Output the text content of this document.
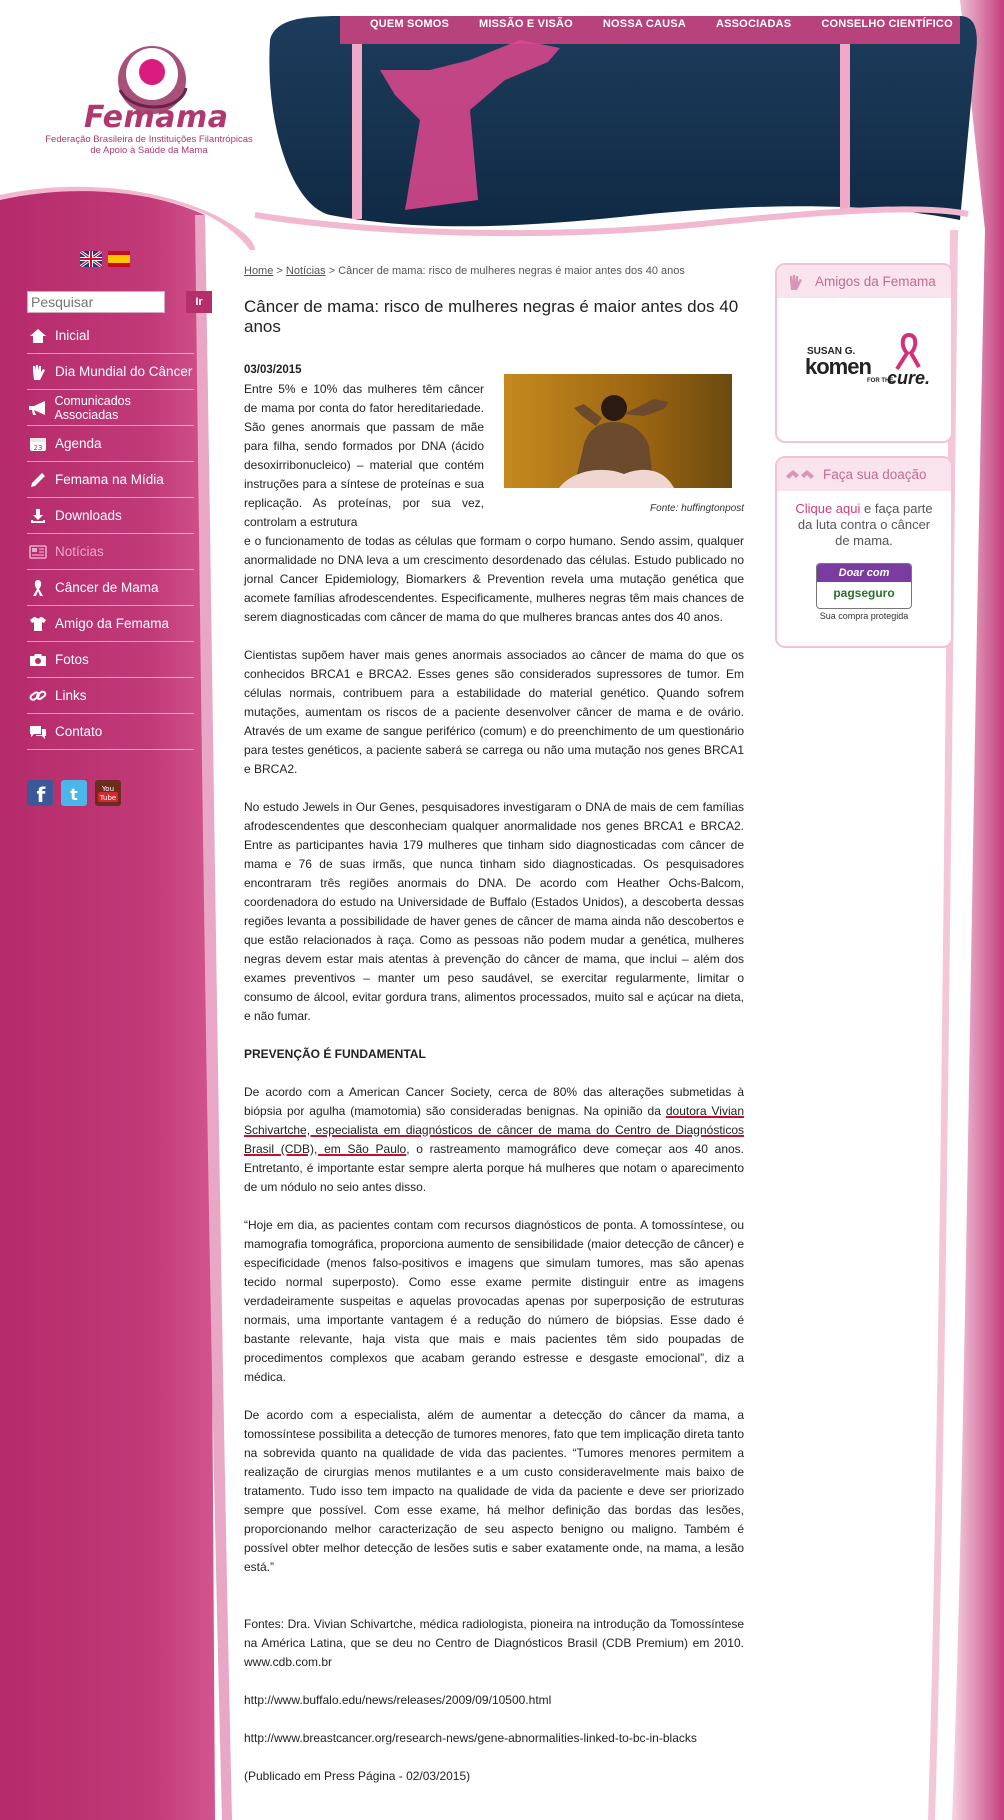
Femama
Federação Brasileira de Instituições Filantrópicas de Apoio à Saúde da Mama
QUEM SOMOS	MISSÃO E VISÃO	NOSSA CAUSA	ASSOCIADAS	CONSELHO CIENTÍFICO
Pesquisar
Ir
Inicial
Dia Mundial do Câncer
Comunicados Associadas
23 Agenda
Femama na Mídia
Downloads
Notícias
Câncer de Mama
Amigo da Femama
Fotos
Links
Contato
f t	You
Tube
Home > Notícias > Câncer de mama: risco de mulheres negras é maior antes dos 40 anos
Câncer de mama: risco de mulheres negras é maior antes dos 40 anos
03/03/2015
Fonte: huffingtonpost

Entre 5% e 10% das mulheres têm câncer de mama por conta do fator hereditariedade. São genes anormais que passam de mãe para filha, sendo formados por DNA (ácido desoxirribonucleico) – material que contém instruções para a síntese de proteínas e sua replicação. As proteínas, por sua vez, controlam a estrutura

e o funcionamento de todas as células que formam o corpo humano. Sendo assim, qualquer anormalidade no DNA leva a um crescimento desordenado das células. Estudo publicado no jornal Cancer Epidemiology, Biomarkers & Prevention revela uma mutação genética que acomete famílias afrodescendentes. Especificamente, mulheres negras têm mais chances de serem diagnosticadas com câncer de mama do que mulheres brancas antes dos 40 anos.

Cientistas supõem haver mais genes anormais associados ao câncer de mama do que os conhecidos BRCA1 e BRCA2. Esses genes são considerados supressores de tumor. Em células normais, contribuem para a estabilidade do material genético. Quando sofrem mutações, aumentam os riscos de a paciente desenvolver câncer de mama e de ovário. Através de um exame de sangue periférico (comum) e do preenchimento de um questionário para testes genéticos, a paciente saberá se carrega ou não uma mutação nos genes BRCA1 e BRCA2.

No estudo Jewels in Our Genes, pesquisadores investigaram o DNA de mais de cem famílias afrodescendentes que desconheciam qualquer anormalidade nos genes BRCA1 e BRCA2. Entre as participantes havia 179 mulheres que tinham sido diagnosticadas com câncer de mama e 76 de suas irmãs, que nunca tinham sido diagnosticadas. Os pesquisadores encontraram três regiões anormais do DNA. De acordo com Heather Ochs-Balcom, coordenadora do estudo na Universidade de Buffalo (Estados Unidos), a descoberta dessas regiões levanta a possibilidade de haver genes de câncer de mama ainda não descobertos e que estão relacionados à raça. Como as pessoas não podem mudar a genética, mulheres negras devem estar mais atentas à prevenção do câncer de mama, que inclui – além dos exames preventivos – manter um peso saudável, se exercitar regularmente, limitar o consumo de álcool, evitar gordura trans, alimentos processados, muito sal e açúcar na dieta, e não fumar.

PREVENÇÃO É FUNDAMENTAL

De acordo com a American Cancer Society, cerca de 80% das alterações submetidas à biópsia por agulha (mamotomia) são consideradas benignas. Na opinião da doutora Vivian Schivartche, especialista em diagnósticos de câncer de mama do Centro de Diagnósticos Brasil (CDB), em São Paulo, o rastreamento mamográfico deve começar aos 40 anos. Entretanto, é importante estar sempre alerta porque há mulheres que notam o aparecimento de um nódulo no seio antes disso.

“Hoje em dia, as pacientes contam com recursos diagnósticos de ponta. A tomossíntese, ou mamografia tomográfica, proporciona aumento de sensibilidade (maior detecção de câncer) e especificidade (menos falso-positivos e imagens que simulam tumores, mas são apenas tecido normal superposto). Como esse exame permite distinguir entre as imagens verdadeiramente suspeitas e aquelas provocadas apenas por superposição de estruturas normais, uma importante vantagem é a redução do número de biópsias. Esse dado é bastante relevante, haja vista que mais e mais pacientes têm sido poupadas de procedimentos complexos que acabam gerando estresse e desgaste emocional”, diz a médica.

De acordo com a especialista, além de aumentar a detecção do câncer da mama, a tomossíntese possibilita a detecção de tumores menores, fato que tem implicação direta tanto na sobrevida quanto na qualidade de vida das pacientes. “Tumores menores permitem a realização de cirurgias menos mutilantes e a um custo consideravelmente mais baixo de tratamento. Tudo isso tem impacto na qualidade de vida da paciente e deve ser priorizado sempre que possível. Com esse exame, há melhor definição das bordas das lesões, proporcionando melhor caracterização de seu aspecto benigno ou maligno. Também é possível obter melhor detecção de lesões sutis e saber exatamente onde, na mama, a lesão está.”

Fontes: Dra. Vivian Schivartche, médica radiologista, pioneira na introdução da Tomossíntese na América Latina, que se deu no Centro de Diagnósticos Brasil (CDB Premium) em 2010. www.cdb.com.br

http://www.buffalo.edu/news/releases/2009/09/10500.html

http://www.breastcancer.org/research-news/gene-abnormalities-linked-to-bc-in-blacks

(Publicado em Press Página - 02/03/2015)

Amigos da Femama
SUSAN G.
komen
FOR THE
cure.
Faça sua doação
Clique aqui e faça parte da luta contra o câncer de mama.
Doar com
pagseguro
Sua compra protegida
